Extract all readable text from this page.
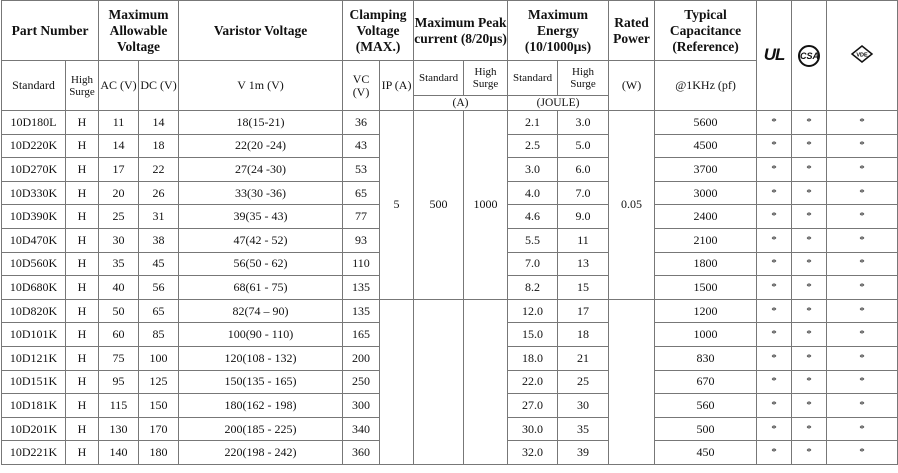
Part Number		Maximum Allowable Voltage		Varistor Voltage	Clamping Voltage (MAX.)		Maximum Peak current (8/20µs)		Maximum Energy (10/1000µs)		Rated Power	Typical Capacitance (Reference)	UL	CSA	VDE

Standard	High Surge	AC (V)	DC (V)	V 1m (V)	VC (V)	IP (A)	Standard	High Surge	Standard	High Surge	(W)	@1KHz (pf)			
							(A)		(JOULE)						
10D180L	H	11	14	18(15-21)	36	5	500	1000	2.1	3.0	0.05	5600	*	*	*
10D220K	H	14	18	22(20 -24)	43				2.5	5.0		4500	*	*	*
10D270K	H	17	22	27(24 -30)	53				3.0	6.0		3700	*	*	*
10D330K	H	20	26	33(30 -36)	65				4.0	7.0		3000	*	*	*
10D390K	H	25	31	39(35 - 43)	77				4.6	9.0		2400	*	*	*
10D470K	H	30	38	47(42 - 52)	93				5.5	11		2100	*	*	*
10D560K	H	35	45	56(50 - 62)	110				7.0	13		1800	*	*	*
10D680K	H	40	56	68(61 - 75)	135				8.2	15		1500	*	*	*
10D820K	H	50	65	82(74 – 90)	135				12.0	17		1200	*	*	*
10D101K	H	60	85	100(90 - 110)	165				15.0	18		1000	*	*	*
10D121K	H	75	100	120(108 - 132)	200				18.0	21		830	*	*	*
10D151K	H	95	125	150(135 - 165)	250				22.0	25		670	*	*	*
10D181K	H	115	150	180(162 - 198)	300				27.0	30		560	*	*	*
10D201K	H	130	170	200(185 - 225)	340				30.0	35		500	*	*	*
10D221K	H	140	180	220(198 - 242)	360				32.0	39		450	*	*	*
